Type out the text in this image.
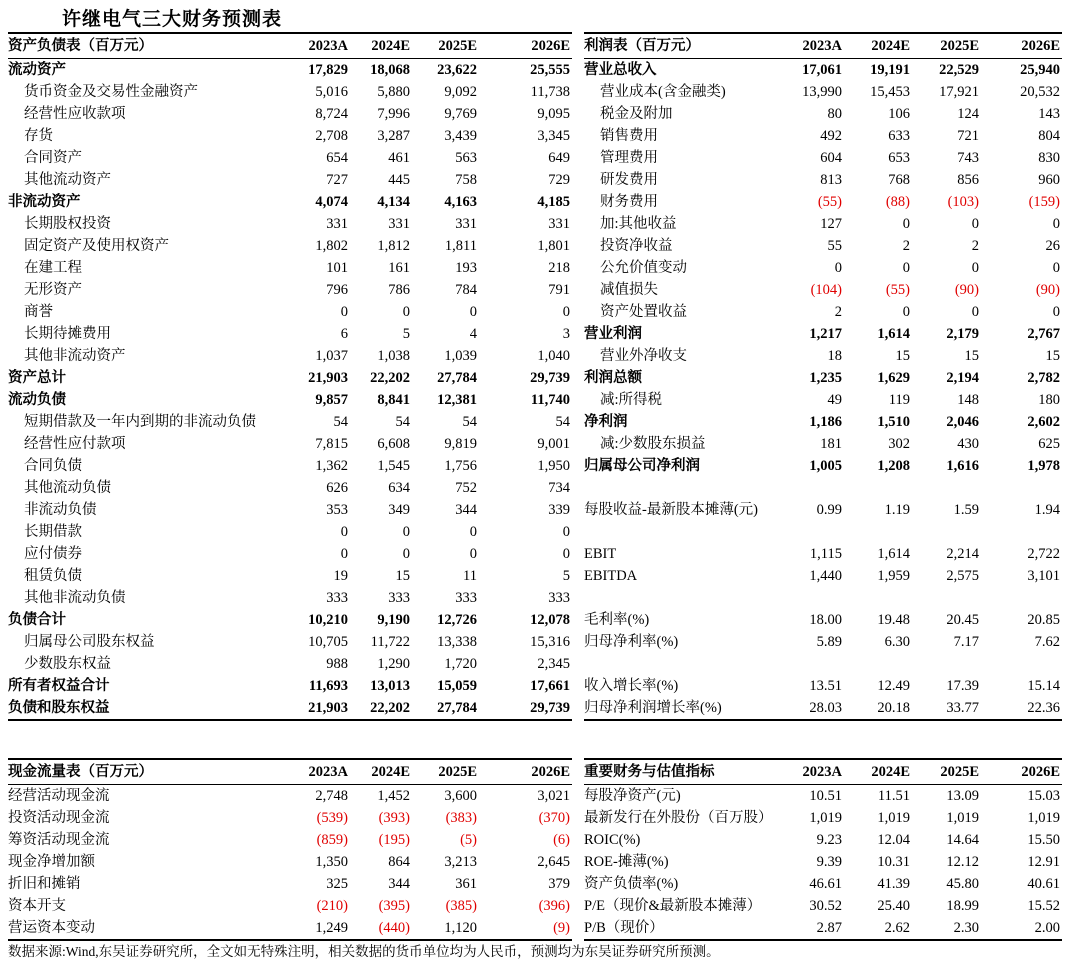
许继电气三大财务预测表
资产负债表（百万元）	2023A 2024E 2025E	2026E
流动资产	17,829 18,068 23,622	25,555
货币资金及交易性金融资产	5,016 5,880 9,092	11,738
经营性应收款项	8,724 7,996 9,769	9,095
存货	2,708 3,287 3,439	3,345
合同资产	654	461	563	649
其他流动资产	727	445	758	729
非流动资产	4,074 4,134 4,163	4,185
长期股权投资	331	331	331	331
固定资产及使用权资产	1,802 1,812 1,811	1,801
在建工程	101	161	193	218
无形资产	796	786	784	791
商誉	0	0	0	0
长期待摊费用	6	5	4	3
其他非流动资产	1,037 1,038 1,039	1,040
资产总计	21,903 22,202 27,784	29,739
流动负债	9,857 8,841 12,381	11,740
短期借款及一年内到期的非流动负债	54	54	54	54
经营性应付款项	7,815 6,608 9,819	9,001
合同负债	1,362 1,545 1,756	1,950
其他流动负债	626	634	752	734
非流动负债	353	349	344	339
长期借款	0	0	0	0
应付债券	0	0	0	0
租赁负债	19	15	11	5
其他非流动负债	333	333	333	333
负债合计	10,210 9,190 12,726	12,078
归属母公司股东权益	10,705 11,722 13,338	15,316
少数股东权益	988 1,290 1,720	2,345
所有者权益合计	11,693 13,013 15,059	17,661
负债和股东权益	21,903 22,202 27,784	29,739
利润表（百万元）	2023A 2024E 2025E	2026E
营业总收入	17,061 19,191 22,529	25,940
营业成本(含金融类)	13,990 15,453 17,921	20,532
税金及附加	80	106	124	143
销售费用	492	633	721	804
管理费用	604	653	743	830
研发费用	813	768	856	960
财务费用	(55)	(88)	(103)	(159)
加:其他收益	127	0	0	0
投资净收益	55	2	2	26
公允价值变动	0	0	0	0
减值损失	(104)	(55)	(90)	(90)
资产处置收益	2	0	0	0
营业利润	1,217 1,614	2,179	2,767
营业外净收支	18	15	15	15
利润总额	1,235 1,629	2,194	2,782
减:所得税	49	119	148	180
净利润	1,186 1,510	2,046	2,602
减:少数股东损益	181	302	430	625
归属母公司净利润	1,005 1,208	1,616	1,978
每股收益-最新股本摊薄(元)	0.99	1.19	1.59	1.94
EBIT	1,115 1,614	2,214	2,722
EBITDA	1,440 1,959	2,575	3,101
毛利率(%)	18.00 19.48	20.45	20.85
归母净利率(%)	5.89	6.30	7.17	7.62
收入增长率(%)	13.51 12.49	17.39	15.14
归母净利润增长率(%)	28.03 20.18	33.77	22.36
现金流量表（百万元）	2023A 2024E 2025E	2026E
经营活动现金流	2,748 1,452 3,600	3,021
投资活动现金流	(539) (393) (383)	(370)
筹资活动现金流	(859) (195)	(5)	(6)
现金净增加额	1,350	864 3,213	2,645
折旧和摊销	325	344	361	379
资本开支	(210) (395) (385)	(396)
营运资本变动	1,249 (440) 1,120	(9)
重要财务与估值指标	2023A 2024E 2025E	2026E
每股净资产(元)	10.51 11.51	13.09	15.03
最新发行在外股份（百万股）	1,019 1,019	1,019	1,019
ROIC(%)	9.23 12.04	14.64	15.50
ROE-摊薄(%)	9.39 10.31	12.12	12.91
资产负债率(%)	46.61 41.39	45.80	40.61
P/E（现价&最新股本摊薄）	30.52 25.40	18.99	15.52
P/B（现价）	2.87	2.62	2.30	2.00
数据来源:Wind,东吴证券研究所，全文如无特殊注明，相关数据的货币单位均为人民币，预测均为东吴证券研究所预测。
